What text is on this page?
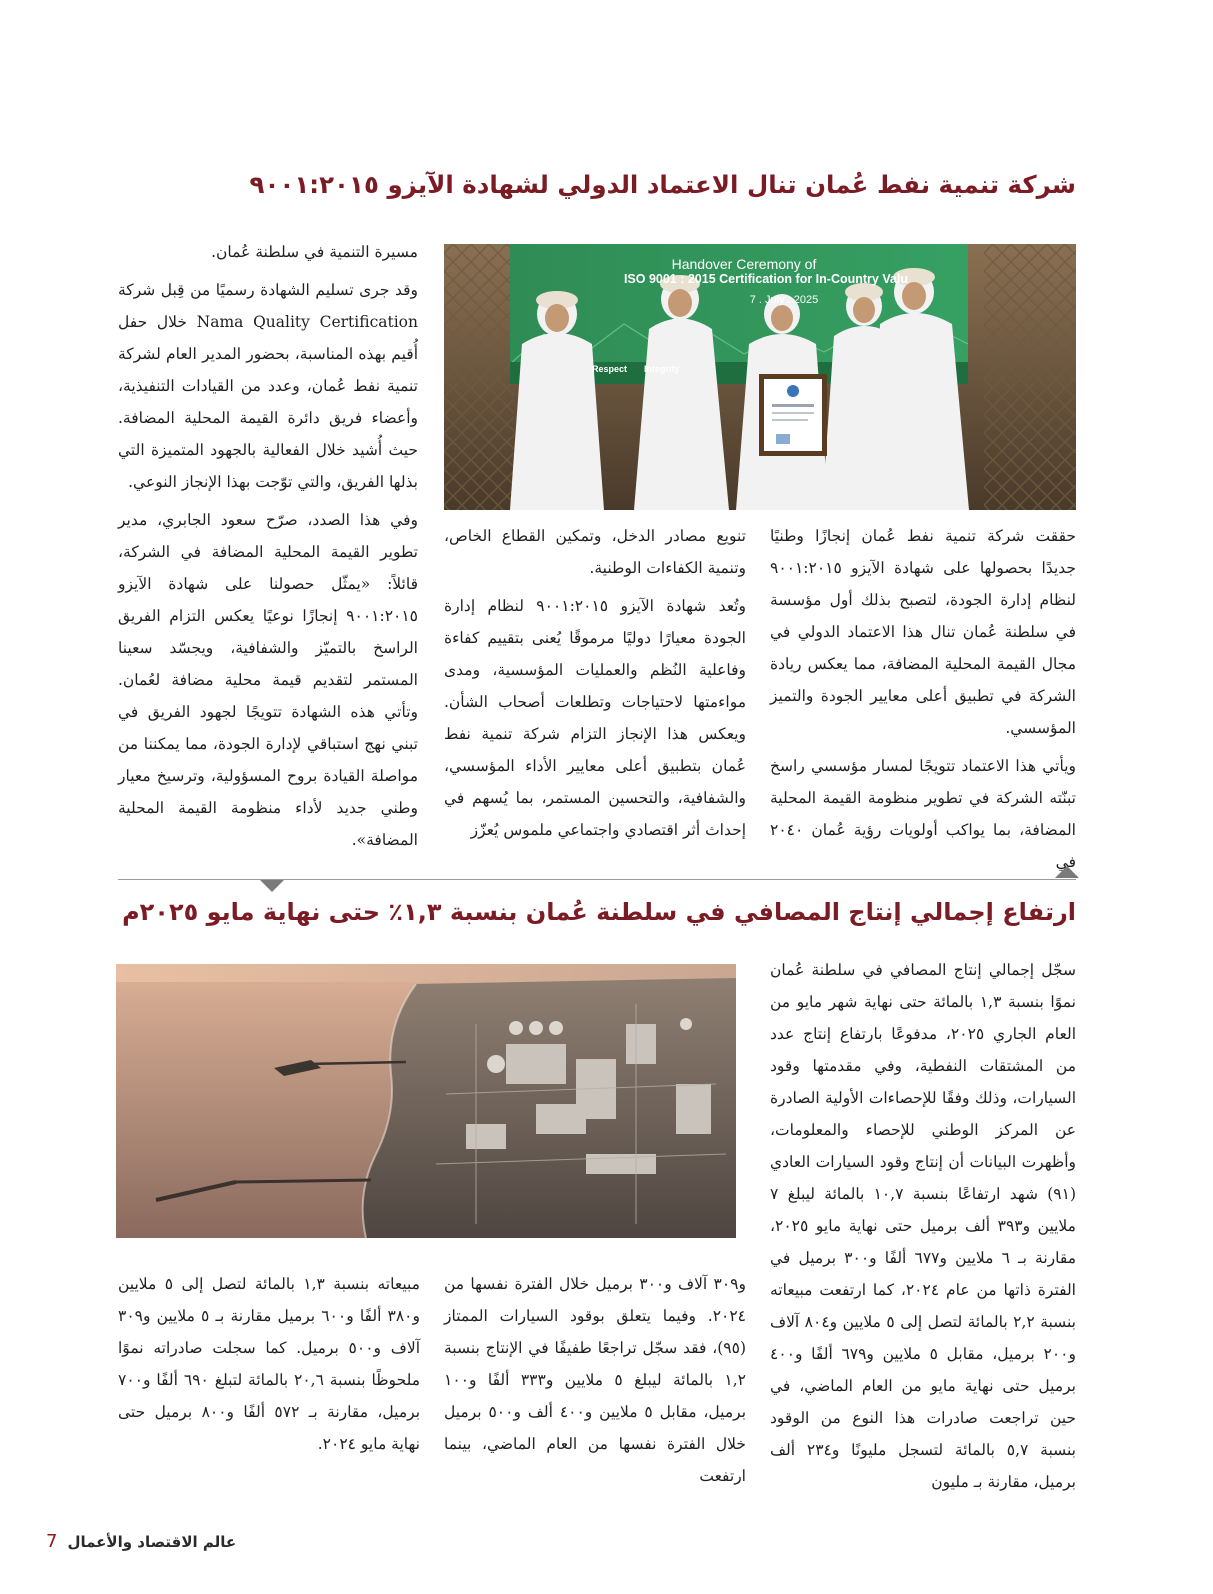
شركة تنمية نفط عُمان تنال الاعتماد الدولي لشهادة الآيزو ٩٠٠١:٢٠١٥
Handover Ceremony of
ISO 9001 : 2015 Certification for In-Country Valu
7 . July . 2025
Respect Integrity

مسيرة التنمية في سلطنة عُمان.

وقد جرى تسليم الشهادة رسميًا من قِبل شركة Nama Quality Certification خلال حفل أُقيم بهذه المناسبة، بحضور المدير العام لشركة تنمية نفط عُمان، وعدد من القيادات التنفيذية، وأعضاء فريق دائرة القيمة المحلية المضافة. حيث أُشيد خلال الفعالية بالجهود المتميزة التي بذلها الفريق، والتي توّجت بهذا الإنجاز النوعي.

وفي هذا الصدد، صرّح سعود الجابري، مدير تطوير القيمة المحلية المضافة في الشركة، قائلاً: «يمثّل حصولنا على شهادة الآيزو ٩٠٠١:٢٠١٥ إنجازًا نوعيًا يعكس التزام الفريق الراسخ بالتميّز والشفافية، ويجسّد سعينا المستمر لتقديم قيمة محلية مضافة لعُمان. وتأتي هذه الشهادة تتويجًا لجهود الفريق في تبني نهج استباقي لإدارة الجودة، مما يمكننا من مواصلة القيادة بروح المسؤولية، وترسيخ معيار وطني جديد لأداء منظومة القيمة المحلية المضافة».

تنويع مصادر الدخل، وتمكين القطاع الخاص، وتنمية الكفاءات الوطنية.

وتُعد شهادة الآيزو ٩٠٠١:٢٠١٥ لنظام إدارة الجودة معيارًا دوليًا مرموقًا يُعنى بتقييم كفاءة وفاعلية النُظم والعمليات المؤسسية، ومدى مواءمتها لاحتياجات وتطلعات أصحاب الشأن. ويعكس هذا الإنجاز التزام شركة تنمية نفط عُمان بتطبيق أعلى معايير الأداء المؤسسي، والشفافية، والتحسين المستمر، بما يُسهم في إحداث أثر اقتصادي واجتماعي ملموس يُعزّز

حققت شركة تنمية نفط عُمان إنجازًا وطنيًا جديدًا بحصولها على شهادة الآيزو ٩٠٠١:٢٠١٥ لنظام إدارة الجودة، لتصبح بذلك أول مؤسسة في سلطنة عُمان تنال هذا الاعتماد الدولي في مجال القيمة المحلية المضافة، مما يعكس ريادة الشركة في تطبيق أعلى معايير الجودة والتميز المؤسسي.

ويأتي هذا الاعتماد تتويجًا لمسار مؤسسي راسخ تبنّته الشركة في تطوير منظومة القيمة المحلية المضافة، بما يواكب أولويات رؤية عُمان ٢٠٤٠ في

ارتفاع إجمالي إنتاج المصافي في سلطنة عُمان بنسبة ١,٣٪ حتى نهاية مايو ٢٠٢٥م

سجّل إجمالي إنتاج المصافي في سلطنة عُمان نموًا بنسبة ١,٣ بالمائة حتى نهاية شهر مايو من العام الجاري ٢٠٢٥، مدفوعًا بارتفاع إنتاج عدد من المشتقات النفطية، وفي مقدمتها وقود السيارات، وذلك وفقًا للإحصاءات الأولية الصادرة عن المركز الوطني للإحصاء والمعلومات، وأظهرت البيانات أن إنتاج وقود السيارات العادي (٩١) شهد ارتفاعًا بنسبة ١٠,٧ بالمائة ليبلغ ٧ ملايين و٣٩٣ ألف برميل حتى نهاية مايو ٢٠٢٥، مقارنة بـ ٦ ملايين و٦٧٧ ألفًا و٣٠٠ برميل في الفترة ذاتها من عام ٢٠٢٤، كما ارتفعت مبيعاته بنسبة ٢,٢ بالمائة لتصل إلى ٥ ملايين و٨٠٤ آلاف و٢٠٠ برميل، مقابل ٥ ملايين و٦٧٩ ألفًا و٤٠٠ برميل حتى نهاية مايو من العام الماضي، في حين تراجعت صادرات هذا النوع من الوقود بنسبة ٥,٧ بالمائة لتسجل مليونًا و٢٣٤ ألف برميل، مقارنة بـ مليون

و٣٠٩ آلاف و٣٠٠ برميل خلال الفترة نفسها من ٢٠٢٤. وفيما يتعلق بوقود السيارات الممتاز (٩٥)، فقد سجّل تراجعًا طفيفًا في الإنتاج بنسبة ١,٢ بالمائة ليبلغ ٥ ملايين و٣٣٣ ألفًا و١٠٠ برميل، مقابل ٥ ملايين و٤٠٠ ألف و٥٠٠ برميل خلال الفترة نفسها من العام الماضي، بينما ارتفعت

مبيعاته بنسبة ١,٣ بالمائة لتصل إلى ٥ ملايين و٣٨٠ ألفًا و٦٠٠ برميل مقارنة بـ ٥ ملايين و٣٠٩ آلاف و٥٠٠ برميل. كما سجلت صادراته نموًا ملحوظًا بنسبة ٢٠,٦ بالمائة لتبلغ ٦٩٠ ألفًا و٧٠٠ برميل، مقارنة بـ ٥٧٢ ألفًا و٨٠٠ برميل حتى نهاية مايو ٢٠٢٤.

7 عالم الاقتصاد والأعمال
